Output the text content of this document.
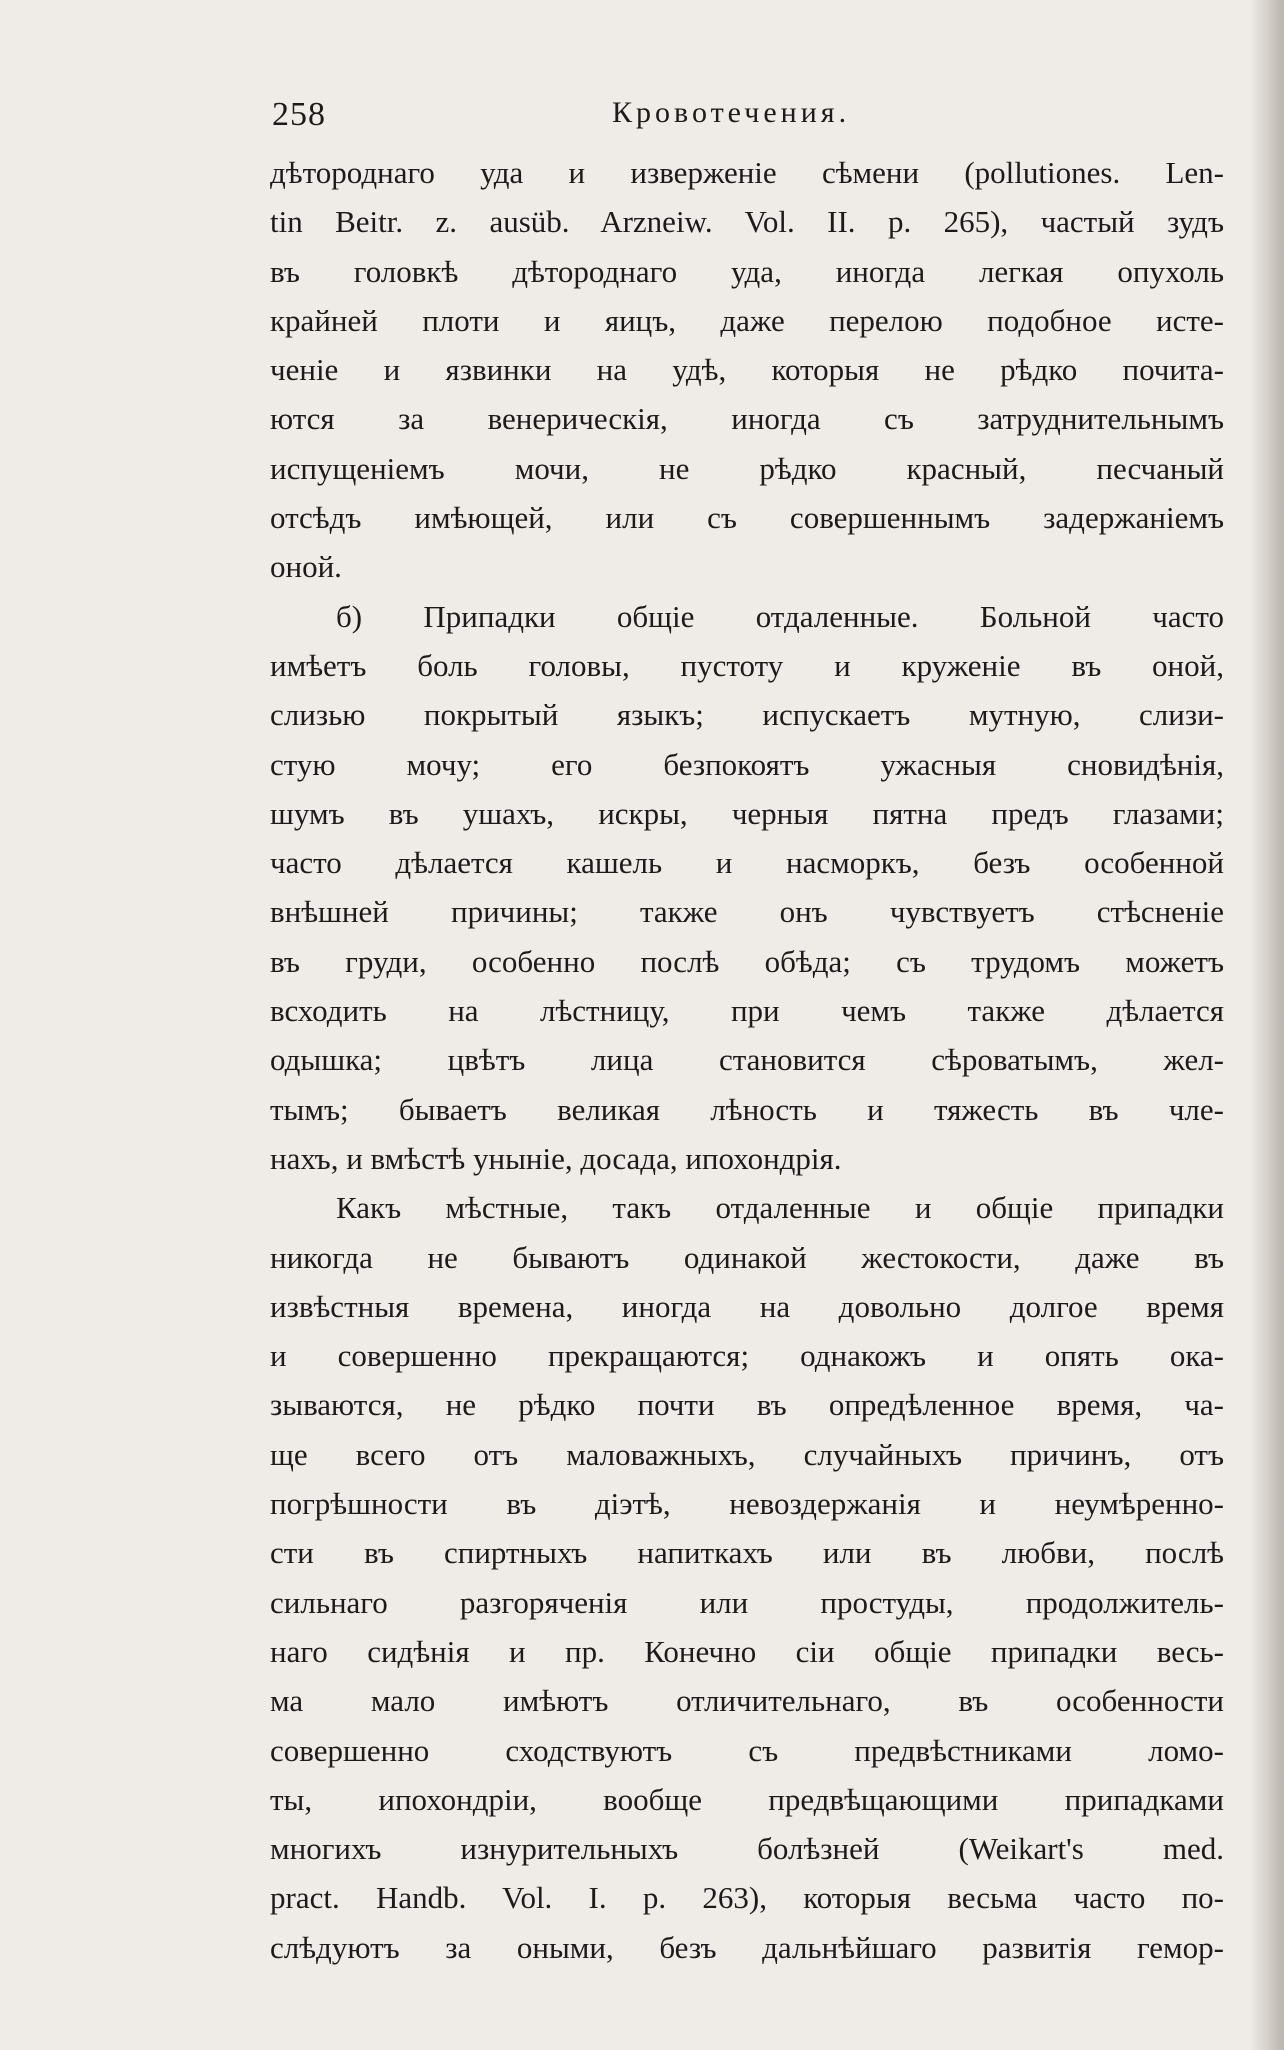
258	Кровотечения.
дѣтороднаго уда и изверженіе сѣмени (pollutiones. Len-
tin Beitr. z. ausüb. Arzneiw. Vol. II. p. 265), частый зудъ
въ головкѣ дѣтороднаго уда, иногда легкая опухоль
крайней плоти и яицъ, даже перелою подобное истe-
ченіе и язвинки на удѣ, которыя не рѣдко почита-
ются за венерическія, иногда съ затруднительнымъ
испущеніемъ мочи, не рѣдко красный, песчаный
отсѣдъ имѣющей, или съ совершеннымъ задержаніемъ
оной.
б) Припадки общіе отдаленные. Больной часто
имѣетъ боль головы, пустоту и круженіе въ оной,
слизью покрытый языкъ; испускаетъ мутную, слизи-
стую мочу; его безпокоятъ ужасныя сновидѣнія,
шумъ въ ушахъ, искры, черныя пятна предъ глазами;
часто дѣлается кашель и насморкъ, безъ особенной
внѣшней причины; также онъ чувствуетъ стѣсненіе
въ груди, особенно послѣ обѣда; съ трудомъ можетъ
всходить на лѣстницу, при чемъ также дѣлается
одышка; цвѣтъ лица становится сѣроватымъ, жел-
тымъ; бываетъ великая лѣность и тяжесть въ чле-
нахъ, и вмѣстѣ уныніе, досада, ипохондрія.
Какъ мѣстные, такъ отдаленные и общіе припадки
никогда не бываютъ одинакой жестокости, даже въ
извѣстныя времена, иногда на довольно долгое время
и совершенно прекращаются; однакожъ и опять ока-
зываются, не рѣдко почти въ опредѣленное время, ча-
ще всего отъ маловажныхъ, случайныхъ причинъ, отъ
погрѣшности въ діэтѣ, невоздержанія и неумѣренно-
сти въ спиртныхъ напиткахъ или въ любви, послѣ
сильнаго разгоряченія или простуды, продолжитель-
наго сидѣнія и пр. Конечно сіи общіе припадки весь-
ма мало имѣютъ отличительнаго, въ особенности
совершенно сходствуютъ съ предвѣстниками ломо-
ты, ипохондріи, вообще предвѣщающими припадками
многихъ изнурительныхъ болѣзней (Weikart's med.
pract. Handb. Vol. I. p. 263), которыя весьма часто по-
слѣдуютъ за оными, безъ дальнѣйшаго развитія гемор-
